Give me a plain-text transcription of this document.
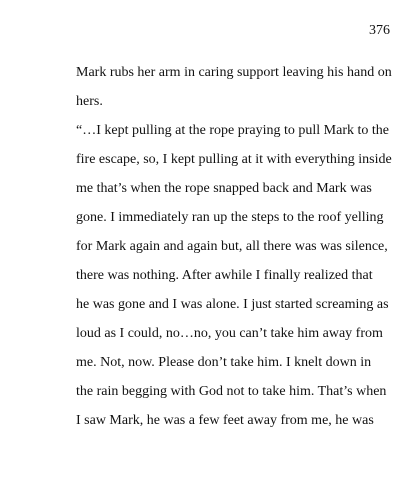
376
Mark rubs her arm in caring support leaving his hand on
hers.
“…I kept pulling at the rope praying to pull Mark to the
fire escape, so, I kept pulling at it with everything inside
me that’s when the rope snapped back and Mark was
gone. I immediately ran up the steps to the roof yelling
for Mark again and again but, all there was was silence,
there was nothing. After awhile I finally realized that
he was gone and I was alone. I just started screaming as
loud as I could, no…no, you can’t take him away from
me. Not, now. Please don’t take him. I knelt down in
the rain begging with God not to take him. That’s when
I saw Mark, he was a few feet away from me, he was
